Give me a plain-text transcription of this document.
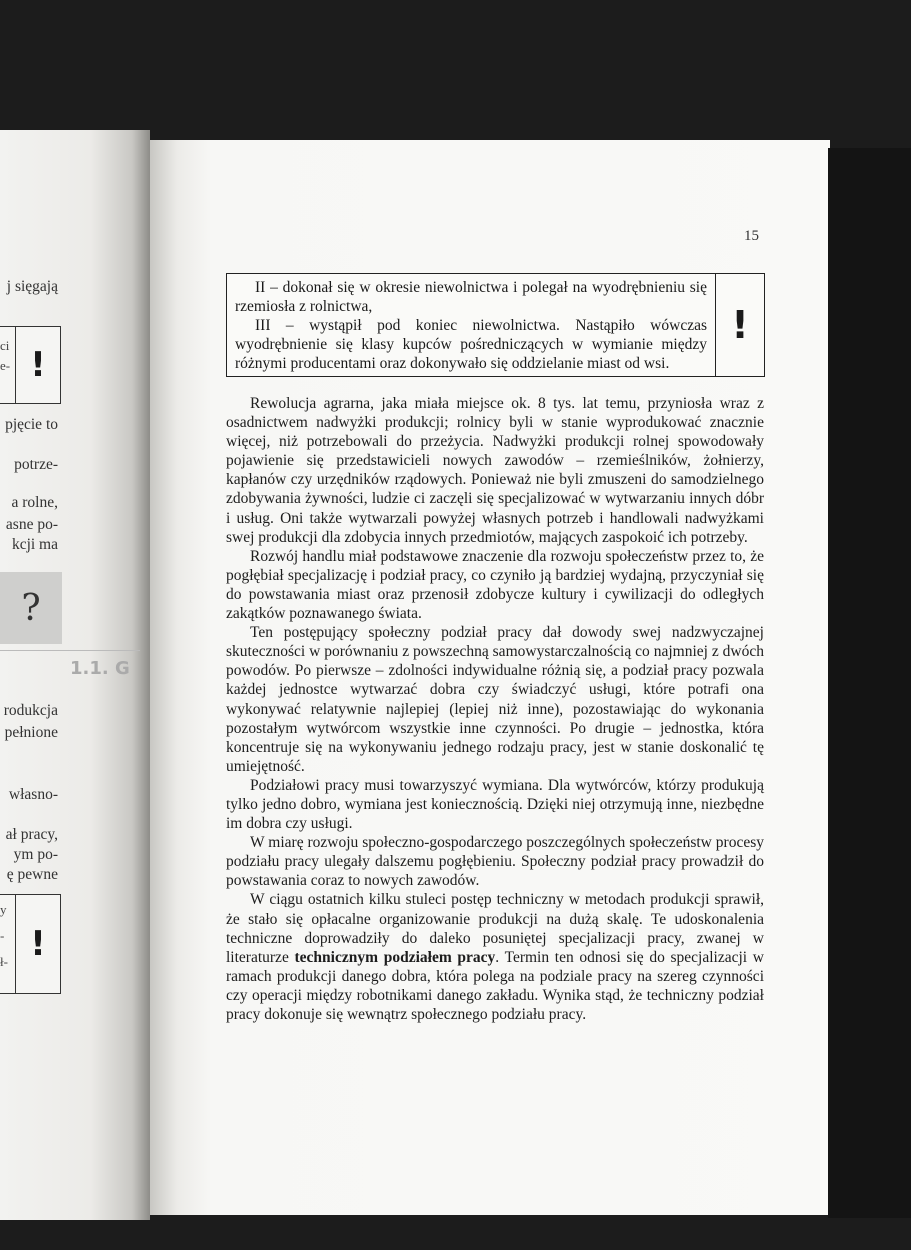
j sięgają
ci
e- !
pjęcie to
potrze-
a rolne,
asne po-
kcji ma
?
1.1. G
rodukcja
pełnione
własno-
ał pracy,
ym po-
ę pewne
y
-
ł- !
15

II – dokonał się w okresie niewolnictwa i polegał na wyodrębnieniu się rzemiosła z rolnictwa,

III – wystąpił pod koniec niewolnictwa. Nastąpiło wówczas wyodrębnienie się klasy kupców pośredniczących w wymianie między różnymi producentami oraz dokonywało się oddzielanie miast od wsi.

!

Rewolucja agrarna, jaka miała miejsce ok. 8 tys. lat temu, przyniosła wraz z osadnictwem nadwyżki produkcji; rolnicy byli w stanie wyprodukować znacznie więcej, niż potrzebowali do przeżycia. Nadwyżki produkcji rolnej spowodowały pojawienie się przedstawicieli nowych zawodów – rzemieślników, żołnierzy, kapłanów czy urzędników rządowych. Ponieważ nie byli zmuszeni do samodzielnego zdobywania żywności, ludzie ci zaczęli się specjalizować w wytwarzaniu innych dóbr i usług. Oni także wytwarzali powyżej własnych potrzeb i handlowali nadwyżkami swej produkcji dla zdobycia innych przedmiotów, mających zaspokoić ich potrzeby.

Rozwój handlu miał podstawowe znaczenie dla rozwoju społeczeństw przez to, że pogłębiał specjalizację i podział pracy, co czyniło ją bardziej wydajną, przyczyniał się do powstawania miast oraz przenosił zdobycze kultury i cywilizacji do odległych zakątków poznawanego świata.

Ten postępujący społeczny podział pracy dał dowody swej nadzwyczajnej skuteczności w porównaniu z powszechną samowystarczalnością co najmniej z dwóch powodów. Po pierwsze – zdolności indywidualne różnią się, a podział pracy pozwala każdej jednostce wytwarzać dobra czy świadczyć usługi, które potrafi ona wykonywać relatywnie najlepiej (lepiej niż inne), pozostawiając do wykonania pozostałym wytwórcom wszystkie inne czynności. Po drugie – jednostka, która koncentruje się na wykonywaniu jednego rodzaju pracy, jest w stanie doskonalić tę umiejętność.

Podziałowi pracy musi towarzyszyć wymiana. Dla wytwórców, którzy produkują tylko jedno dobro, wymiana jest koniecznością. Dzięki niej otrzymują inne, niezbędne im dobra czy usługi.

W miarę rozwoju społeczno-gospodarczego poszczególnych społeczeństw procesy podziału pracy ulegały dalszemu pogłębieniu. Społeczny podział pracy prowadził do powstawania coraz to nowych zawodów.

W ciągu ostatnich kilku stuleci postęp techniczny w metodach produkcji sprawił, że stało się opłacalne organizowanie produkcji na dużą skalę. Te udoskonalenia techniczne doprowadziły do daleko posuniętej specjalizacji pracy, zwanej w literaturze technicznym podziałem pracy. Termin ten odnosi się do specjalizacji w ramach produkcji danego dobra, która polega na podziale pracy na szereg czynności czy operacji między robotnikami danego zakładu. Wynika stąd, że techniczny podział pracy dokonuje się wewnątrz społecznego podziału pracy.
